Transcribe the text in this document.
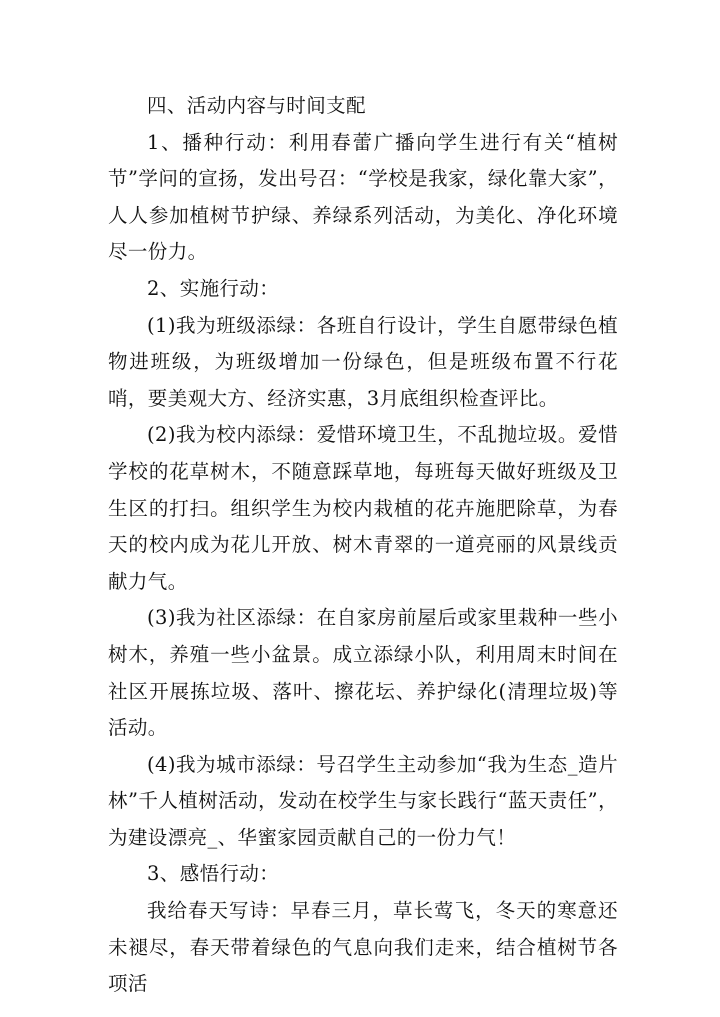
四、活动内容与时间支配

1、播种行动：利用春蕾广播向学生进行有关“植树节”学问的宣扬，发出号召：“学校是我家，绿化靠大家”，人人参加植树节护绿、养绿系列活动，为美化、净化环境尽一份力。

2、实施行动：

(1)我为班级添绿：各班自行设计，学生自愿带绿色植物进班级，为班级增加一份绿色，但是班级布置不行花哨，要美观大方、经济实惠，3月底组织检查评比。

(2)我为校内添绿：爱惜环境卫生，不乱抛垃圾。爱惜学校的花草树木，不随意踩草地，每班每天做好班级及卫生区的打扫。组织学生为校内栽植的花卉施肥除草，为春天的校内成为花儿开放、树木青翠的一道亮丽的风景线贡献力气。

(3)我为社区添绿：在自家房前屋后或家里栽种一些小树木，养殖一些小盆景。成立添绿小队，利用周末时间在社区开展拣垃圾、落叶、擦花坛、养护绿化(清理垃圾)等活动。

(4)我为城市添绿：号召学生主动参加“我为生态_造片林”千人植树活动，发动在校学生与家长践行“蓝天责任”，为建设漂亮_、华蜜家园贡献自己的一份力气！

3、感悟行动：

我给春天写诗：早春三月，草长莺飞，冬天的寒意还未褪尽，春天带着绿色的气息向我们走来，结合植树节各项活
